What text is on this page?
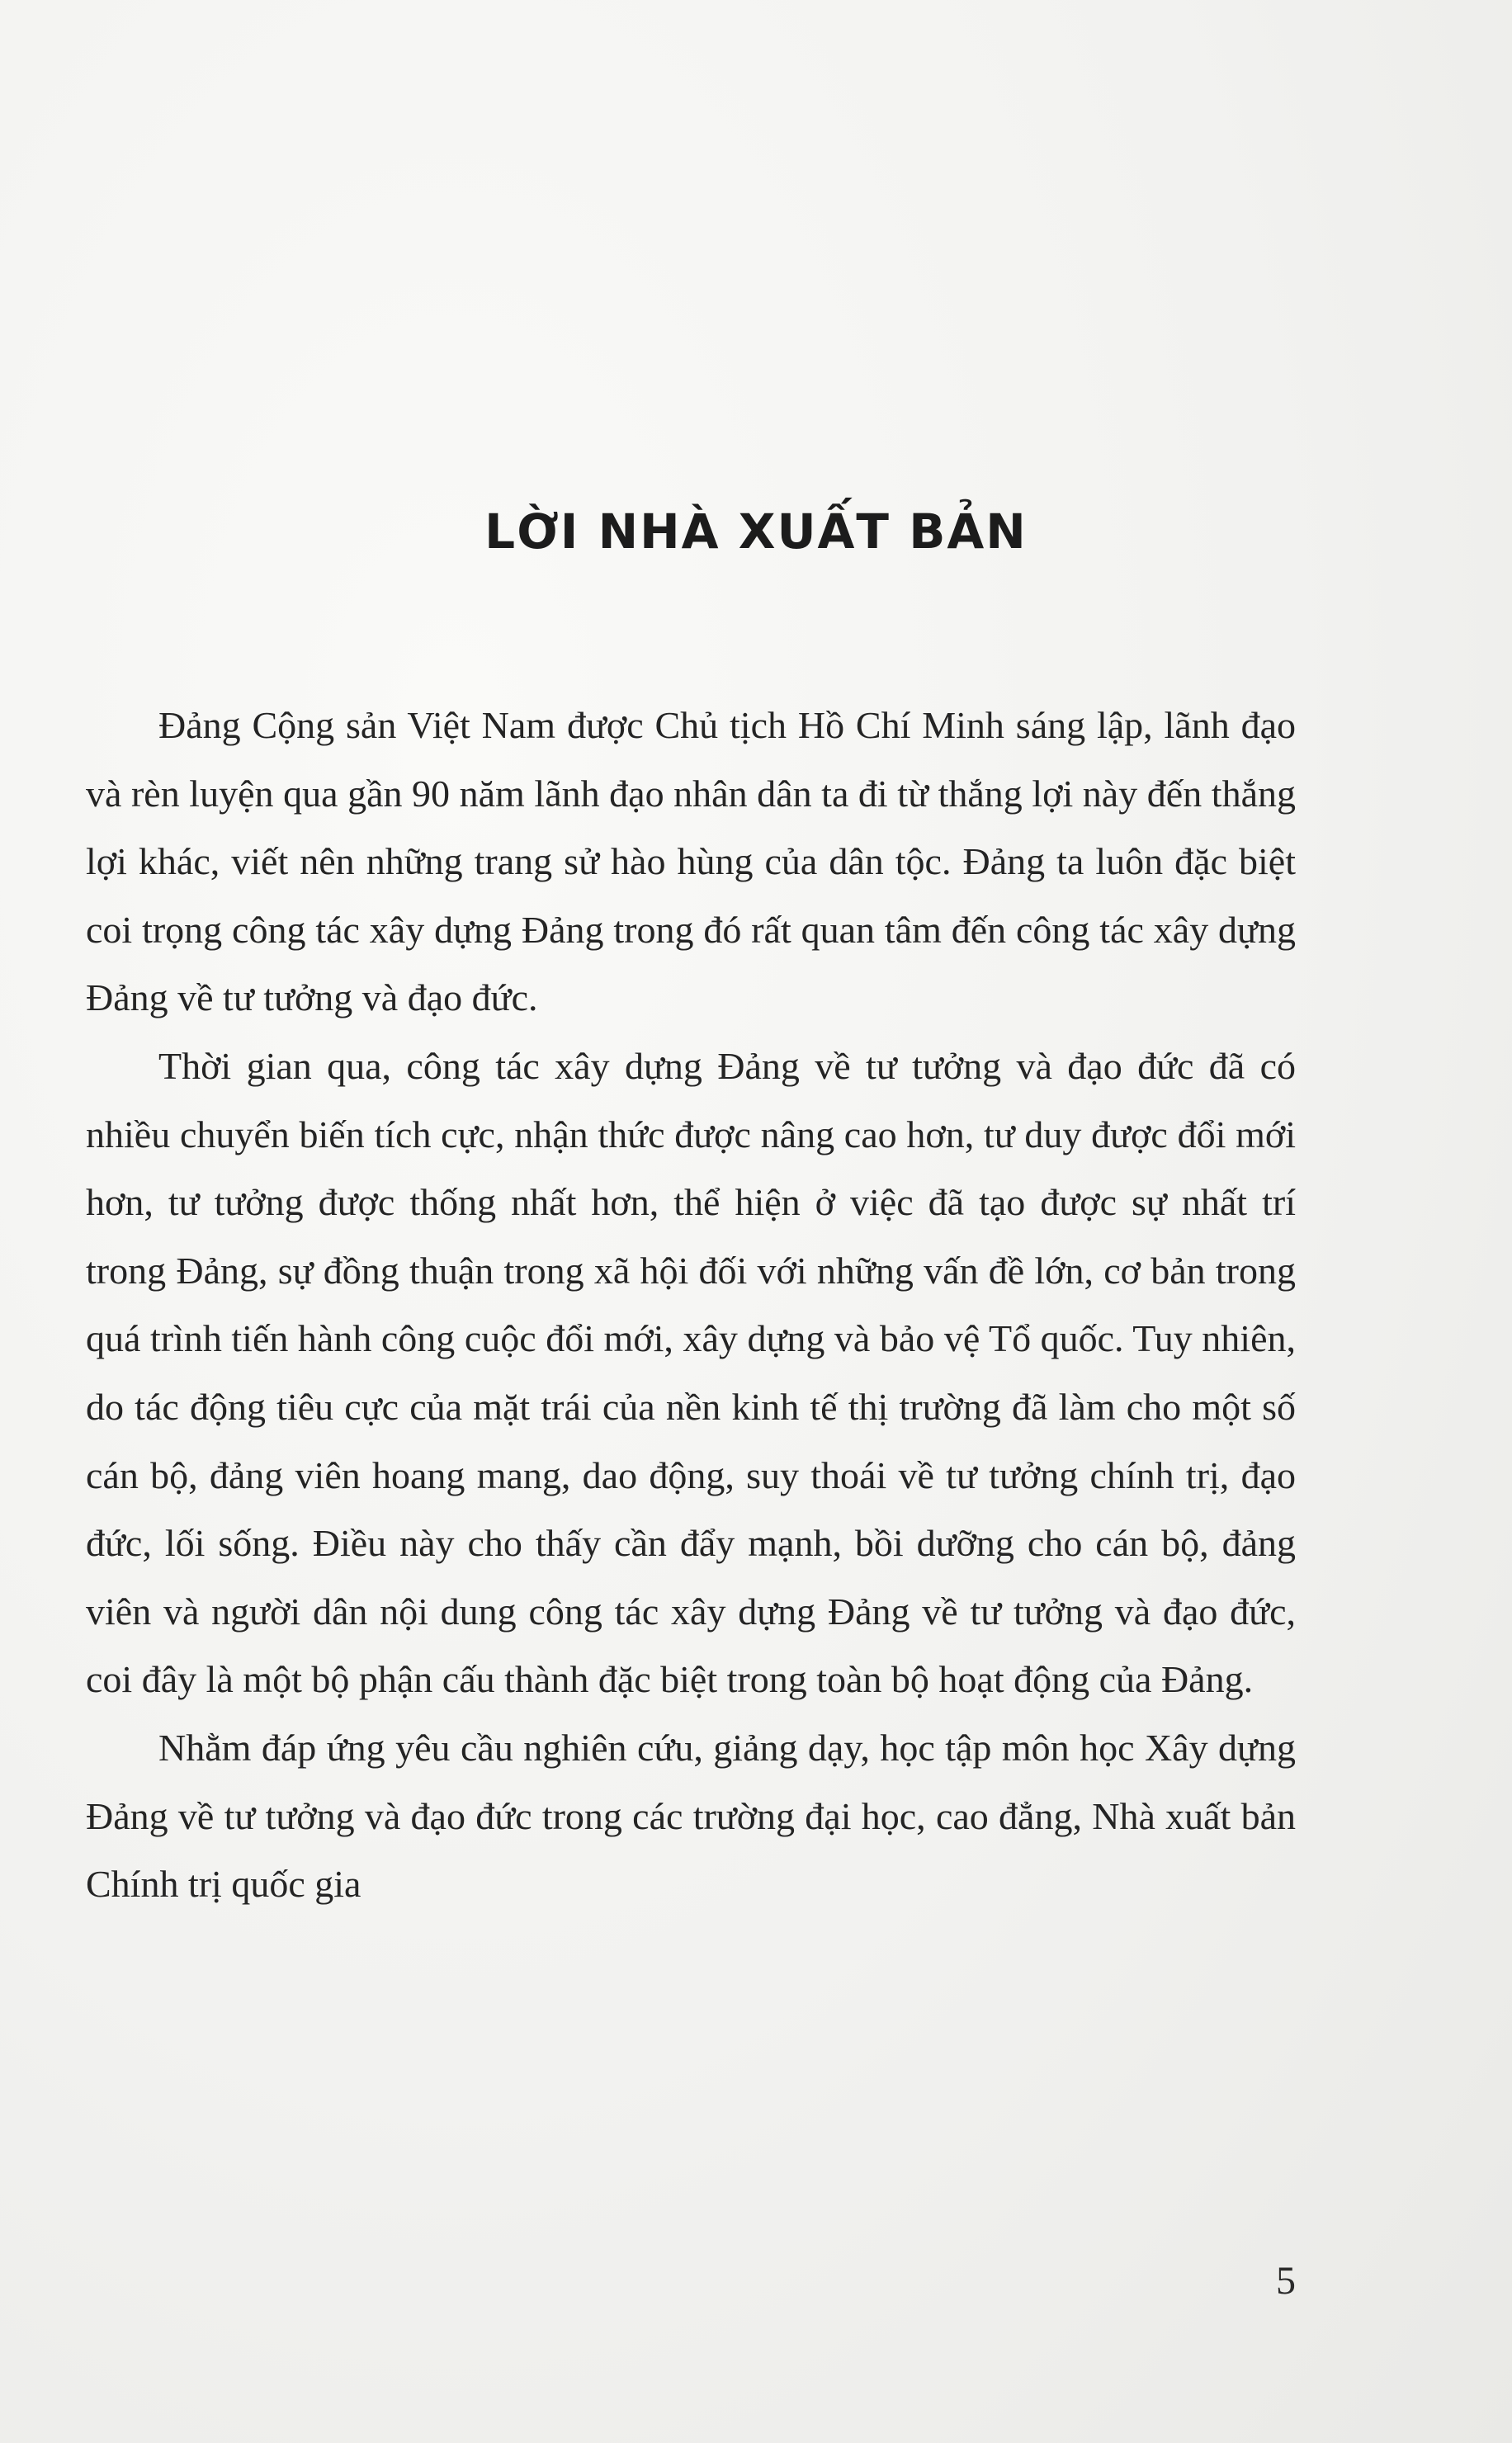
LỜI NHÀ XUẤT BẢN

Đảng Cộng sản Việt Nam được Chủ tịch Hồ Chí Minh sáng lập, lãnh đạo và rèn luyện qua gần 90 năm lãnh đạo nhân dân ta đi từ thắng lợi này đến thắng lợi khác, viết nên những trang sử hào hùng của dân tộc. Đảng ta luôn đặc biệt coi trọng công tác xây dựng Đảng trong đó rất quan tâm đến công tác xây dựng Đảng về tư tưởng và đạo đức.

Thời gian qua, công tác xây dựng Đảng về tư tưởng và đạo đức đã có nhiều chuyển biến tích cực, nhận thức được nâng cao hơn, tư duy được đổi mới hơn, tư tưởng được thống nhất hơn, thể hiện ở việc đã tạo được sự nhất trí trong Đảng, sự đồng thuận trong xã hội đối với những vấn đề lớn, cơ bản trong quá trình tiến hành công cuộc đổi mới, xây dựng và bảo vệ Tổ quốc. Tuy nhiên, do tác động tiêu cực của mặt trái của nền kinh tế thị trường đã làm cho một số cán bộ, đảng viên hoang mang, dao động, suy thoái về tư tưởng chính trị, đạo đức, lối sống. Điều này cho thấy cần đẩy mạnh, bồi dưỡng cho cán bộ, đảng viên và người dân nội dung công tác xây dựng Đảng về tư tưởng và đạo đức, coi đây là một bộ phận cấu thành đặc biệt trong toàn bộ hoạt động của Đảng.

Nhằm đáp ứng yêu cầu nghiên cứu, giảng dạy, học tập môn học Xây dựng Đảng về tư tưởng và đạo đức trong các trường đại học, cao đẳng, Nhà xuất bản Chính trị quốc gia

5
